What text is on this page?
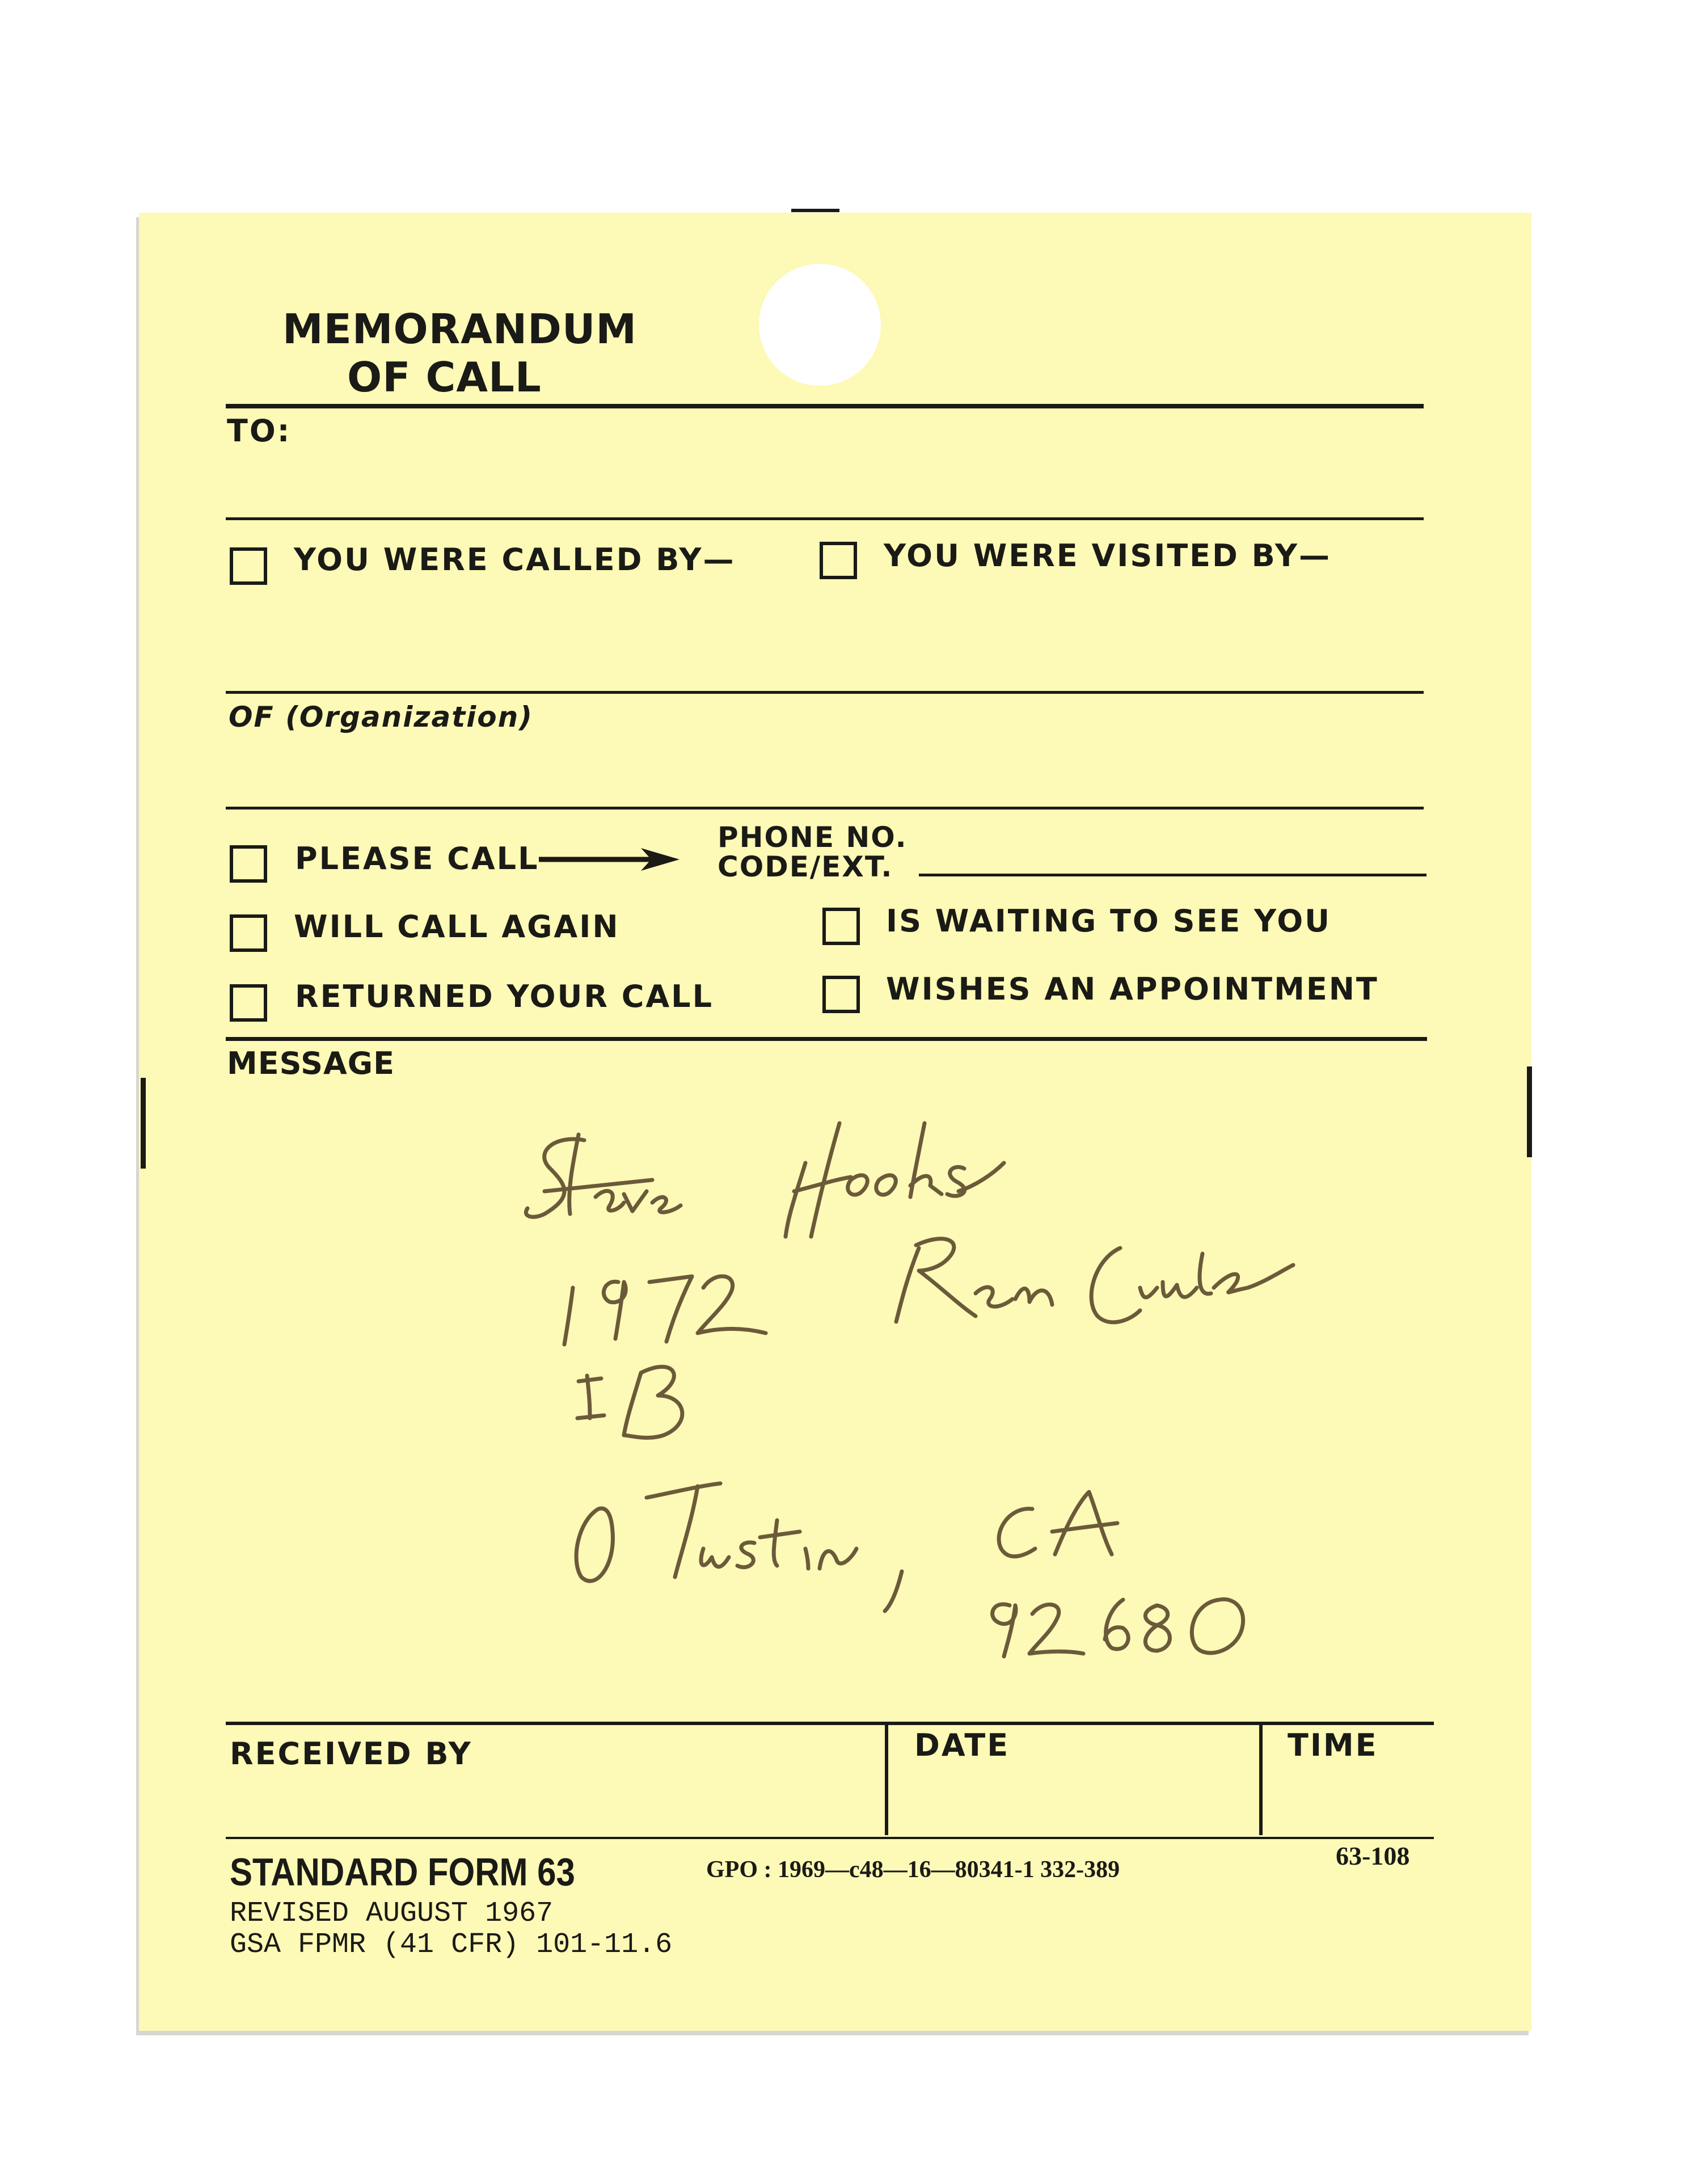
MEMORANDUM
OF CALL
TO:
YOU WERE CALLED BY—	YOU WERE VISITED BY—
OF (Organization)
PLEASE CALL
PHONE NO.
CODE/EXT.
WILL CALL AGAIN	IS WAITING TO SEE YOU
RETURNED YOUR CALL	WISHES AN APPOINTMENT
MESSAGE
RECEIVED BY	DATE	TIME
STANDARD FORM 63
REVISED AUGUST 1967
GSA FPMR (41 CFR) 101-11.6
GPO : 1969—c48—16—80341-1 332-389	63-108
